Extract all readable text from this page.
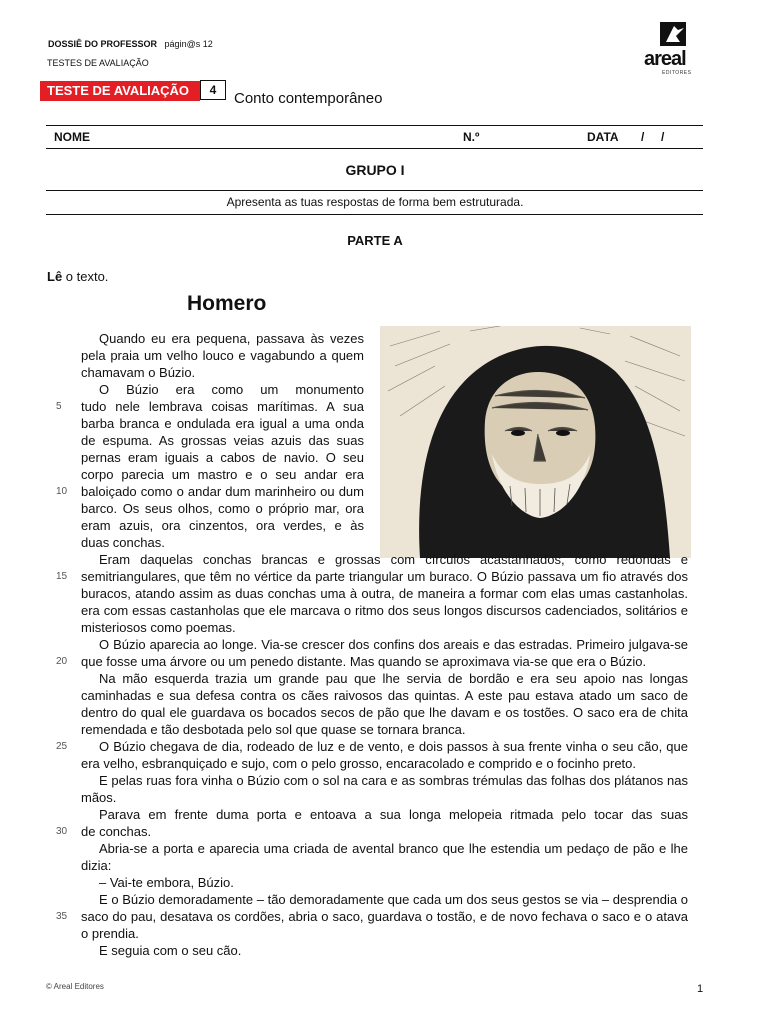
DOSSIÊ DO PROFESSOR págin@s 12
TESTES DE AVALIAÇÃO	areal
EDITORES
TESTE DE AVALIAÇÃO	4	Conto contemporâneo
NOME	N.º	DATA /     /
GRUPO I
Apresenta as tuas respostas de forma bem estruturada.
PARTE A
Lê o texto.
Homero
Quando eu era pequena, passava às vezes
pela praia um velho louco e vagabundo a quem
chamavam o Búzio.
O Búzio era como um monumento
tudo nele lembrava coisas marítimas. A sua
barba branca e ondulada era igual a uma onda
de espuma. As grossas veias azuis das suas
pernas eram iguais a cabos de navio. O seu
corpo parecia um mastro e o seu andar era
baloiçado como o andar dum marinheiro ou dum
barco. Os seus olhos, como o próprio mar, ora
eram azuis, ora cinzentos, ora verdes, e às
duas conchas.
Eram daquelas conchas brancas e grossas com círculos acastanhados, como redondas e
semitriangulares, que têm no vértice da parte triangular um buraco. O Búzio passava um fio através dos
buracos, atando assim as duas conchas uma à outra, de maneira a formar com elas umas castanholas.
era com essas castanholas que ele marcava o ritmo dos seus longos discursos cadenciados, solitários e
misteriosos como poemas.
O Búzio aparecia ao longe. Via-se crescer dos confins dos areais e das estradas. Primeiro julgava-se
que fosse uma árvore ou um penedo distante. Mas quando se aproximava via-se que era o Búzio.
Na mão esquerda trazia um grande pau que lhe servia de bordão e era seu apoio nas longas
caminhadas e sua defesa contra os cães raivosos das quintas. A este pau estava atado um saco de
dentro do qual ele guardava os bocados secos de pão que lhe davam e os tostões. O saco era de chita
remendada e tão desbotada pelo sol que quase se tornara branca.
O Búzio chegava de dia, rodeado de luz e de vento, e dois passos à sua frente vinha o seu cão, que
era velho, esbranquiçado e sujo, com o pelo grosso, encaracolado e comprido e o focinho preto.
E pelas ruas fora vinha o Búzio com o sol na cara e as sombras trémulas das folhas dos plátanos nas
mãos.
Parava em frente duma porta e entoava a sua longa melopeia ritmada pelo tocar das suas
de conchas.
Abria-se a porta e aparecia uma criada de avental branco que lhe estendia um pedaço de pão e lhe
dizia:
– Vai-te embora, Búzio.
E o Búzio demoradamente – tão demoradamente que cada um dos seus gestos se via – desprendia o
saco do pau, desatava os cordões, abria o saco, guardava o tostão, e de novo fechava o saco e o atava
o prendia.
E seguia com o seu cão.
5
10
15
20
25
30
35
© Areal Editores	1
